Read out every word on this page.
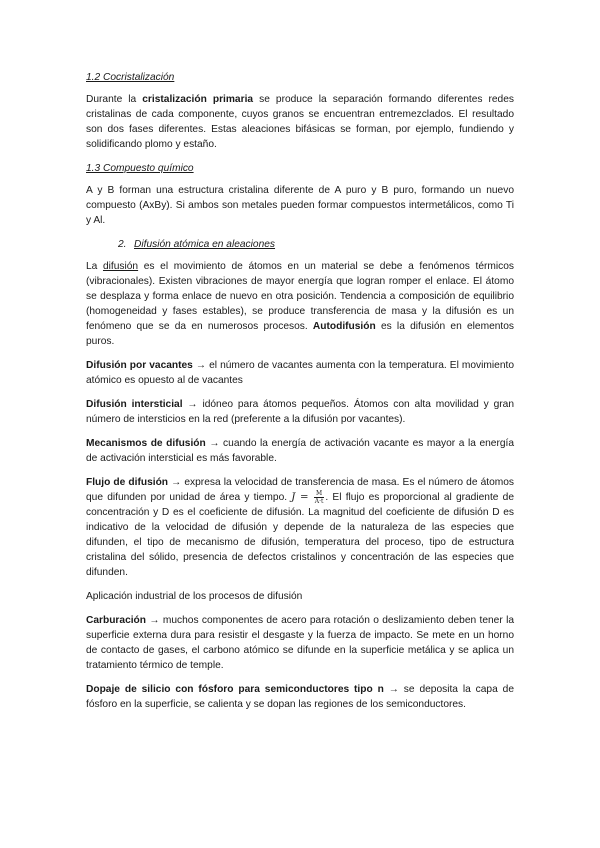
1.2 Cocristalización

Durante la cristalización primaria se produce la separación formando diferentes redes cristalinas de cada componente, cuyos granos se encuentran entremezclados. El resultado son dos fases diferentes. Estas aleaciones bifásicas se forman, por ejemplo, fundiendo y solidificando plomo y estaño.

1.3 Compuesto químico

A y B forman una estructura cristalina diferente de A puro y B puro, formando un nuevo compuesto (AxBy). Si ambos son metales pueden formar compuestos intermetálicos, como Ti y Al.

2. Difusión atómica en aleaciones

La difusión es el movimiento de átomos en un material se debe a fenómenos térmicos (vibracionales). Existen vibraciones de mayor energía que logran romper el enlace. El átomo se desplaza y forma enlace de nuevo en otra posición. Tendencia a composición de equilibrio (homogeneidad y fases estables), se produce transferencia de masa y la difusión es un fenómeno que se da en numerosos procesos. Autodifusión es la difusión en elementos puros.

Difusión por vacantes → el número de vacantes aumenta con la temperatura. El movimiento atómico es opuesto al de vacantes

Difusión intersticial → idóneo para átomos pequeños. Átomos con alta movilidad y gran número de intersticios en la red (preferente a la difusión por vacantes).

Mecanismos de difusión → cuando la energía de activación vacante es mayor a la energía de activación intersticial es más favorable.

Flujo de difusión → expresa la velocidad de transferencia de masa. Es el número de átomos que difunden por unidad de área y tiempo. $J = \frac{M}{A\cdot t}$ . El flujo es proporcional al gradiente de concentración y D es el coeficiente de difusión. La magnitud del coeficiente de difusión D es indicativo de la velocidad de difusión y depende de la naturaleza de las especies que difunden, el tipo de mecanismo de difusión, temperatura del proceso, tipo de estructura cristalina del sólido, presencia de defectos cristalinos y concentración de las especies que difunden.

Aplicación industrial de los procesos de difusión

Carburación → muchos componentes de acero para rotación o deslizamiento deben tener la superficie externa dura para resistir el desgaste y la fuerza de impacto. Se mete en un horno de contacto de gases, el carbono atómico se difunde en la superficie metálica y se aplica un tratamiento térmico de temple.

Dopaje de silicio con fósforo para semiconductores tipo n → se deposita la capa de fósforo en la superficie, se calienta y se dopan las regiones de los semiconductores.
